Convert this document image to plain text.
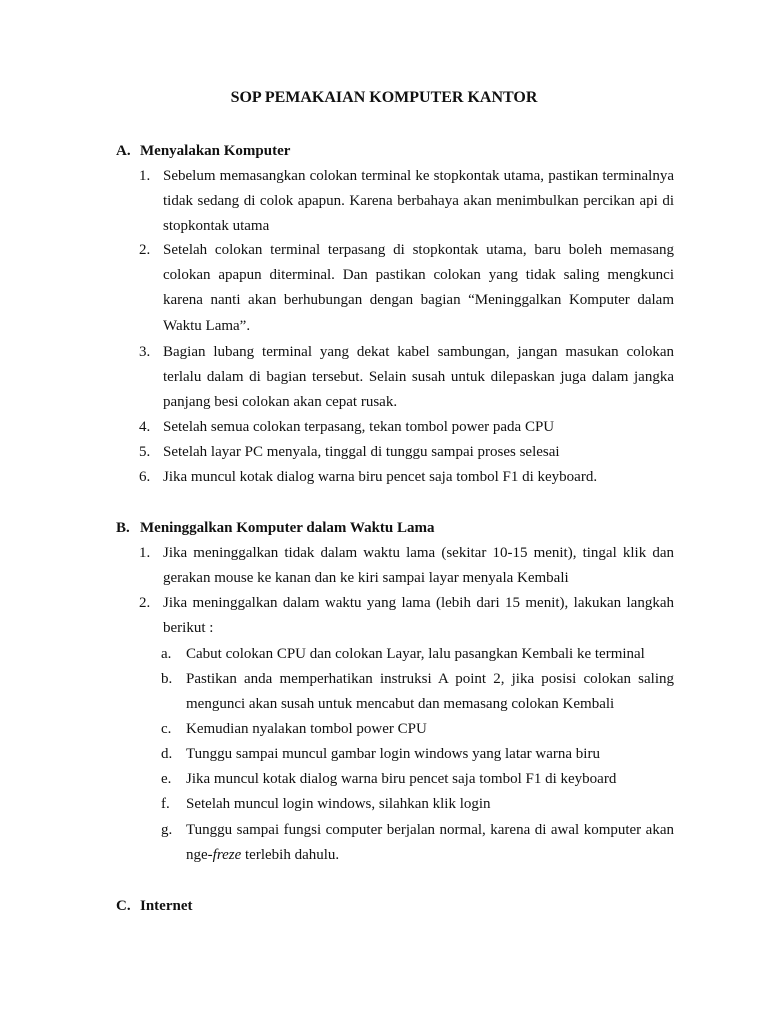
SOP PEMAKAIAN KOMPUTER KANTOR
A. Menyalakan Komputer
1. Sebelum memasangkan colokan terminal ke stopkontak utama, pastikan terminalnya tidak sedang di colok apapun. Karena berbahaya akan menimbulkan percikan api di stopkontak utama
2. Setelah colokan terminal terpasang di stopkontak utama, baru boleh memasang colokan apapun diterminal. Dan pastikan colokan yang tidak saling mengkunci karena nanti akan berhubungan dengan bagian “Meninggalkan Komputer dalam Waktu Lama”.
3. Bagian lubang terminal yang dekat kabel sambungan, jangan masukan colokan terlalu dalam di bagian tersebut. Selain susah untuk dilepaskan juga dalam jangka panjang besi colokan akan cepat rusak.
4. Setelah semua colokan terpasang, tekan tombol power pada CPU
5. Setelah layar PC menyala, tinggal di tunggu sampai proses selesai
6. Jika muncul kotak dialog warna biru pencet saja tombol F1 di keyboard.
B. Meninggalkan Komputer dalam Waktu Lama
1. Jika meninggalkan tidak dalam waktu lama (sekitar 10-15 menit), tingal klik dan gerakan mouse ke kanan dan ke kiri sampai layar menyala Kembali
2. Jika meninggalkan dalam waktu yang lama (lebih dari 15 menit), lakukan langkah berikut :
a. Cabut colokan CPU dan colokan Layar, lalu pasangkan Kembali ke terminal
b. Pastikan anda memperhatikan instruksi A point 2, jika posisi colokan saling mengunci akan susah untuk mencabut dan memasang colokan Kembali
c. Kemudian nyalakan tombol power CPU
d. Tunggu sampai muncul gambar login windows yang latar warna biru
e. Jika muncul kotak dialog warna biru pencet saja tombol F1 di keyboard
f. Setelah muncul login windows, silahkan klik login
g. Tunggu sampai fungsi computer berjalan normal, karena di awal komputer akan nge-freze terlebih dahulu.
C. Internet
